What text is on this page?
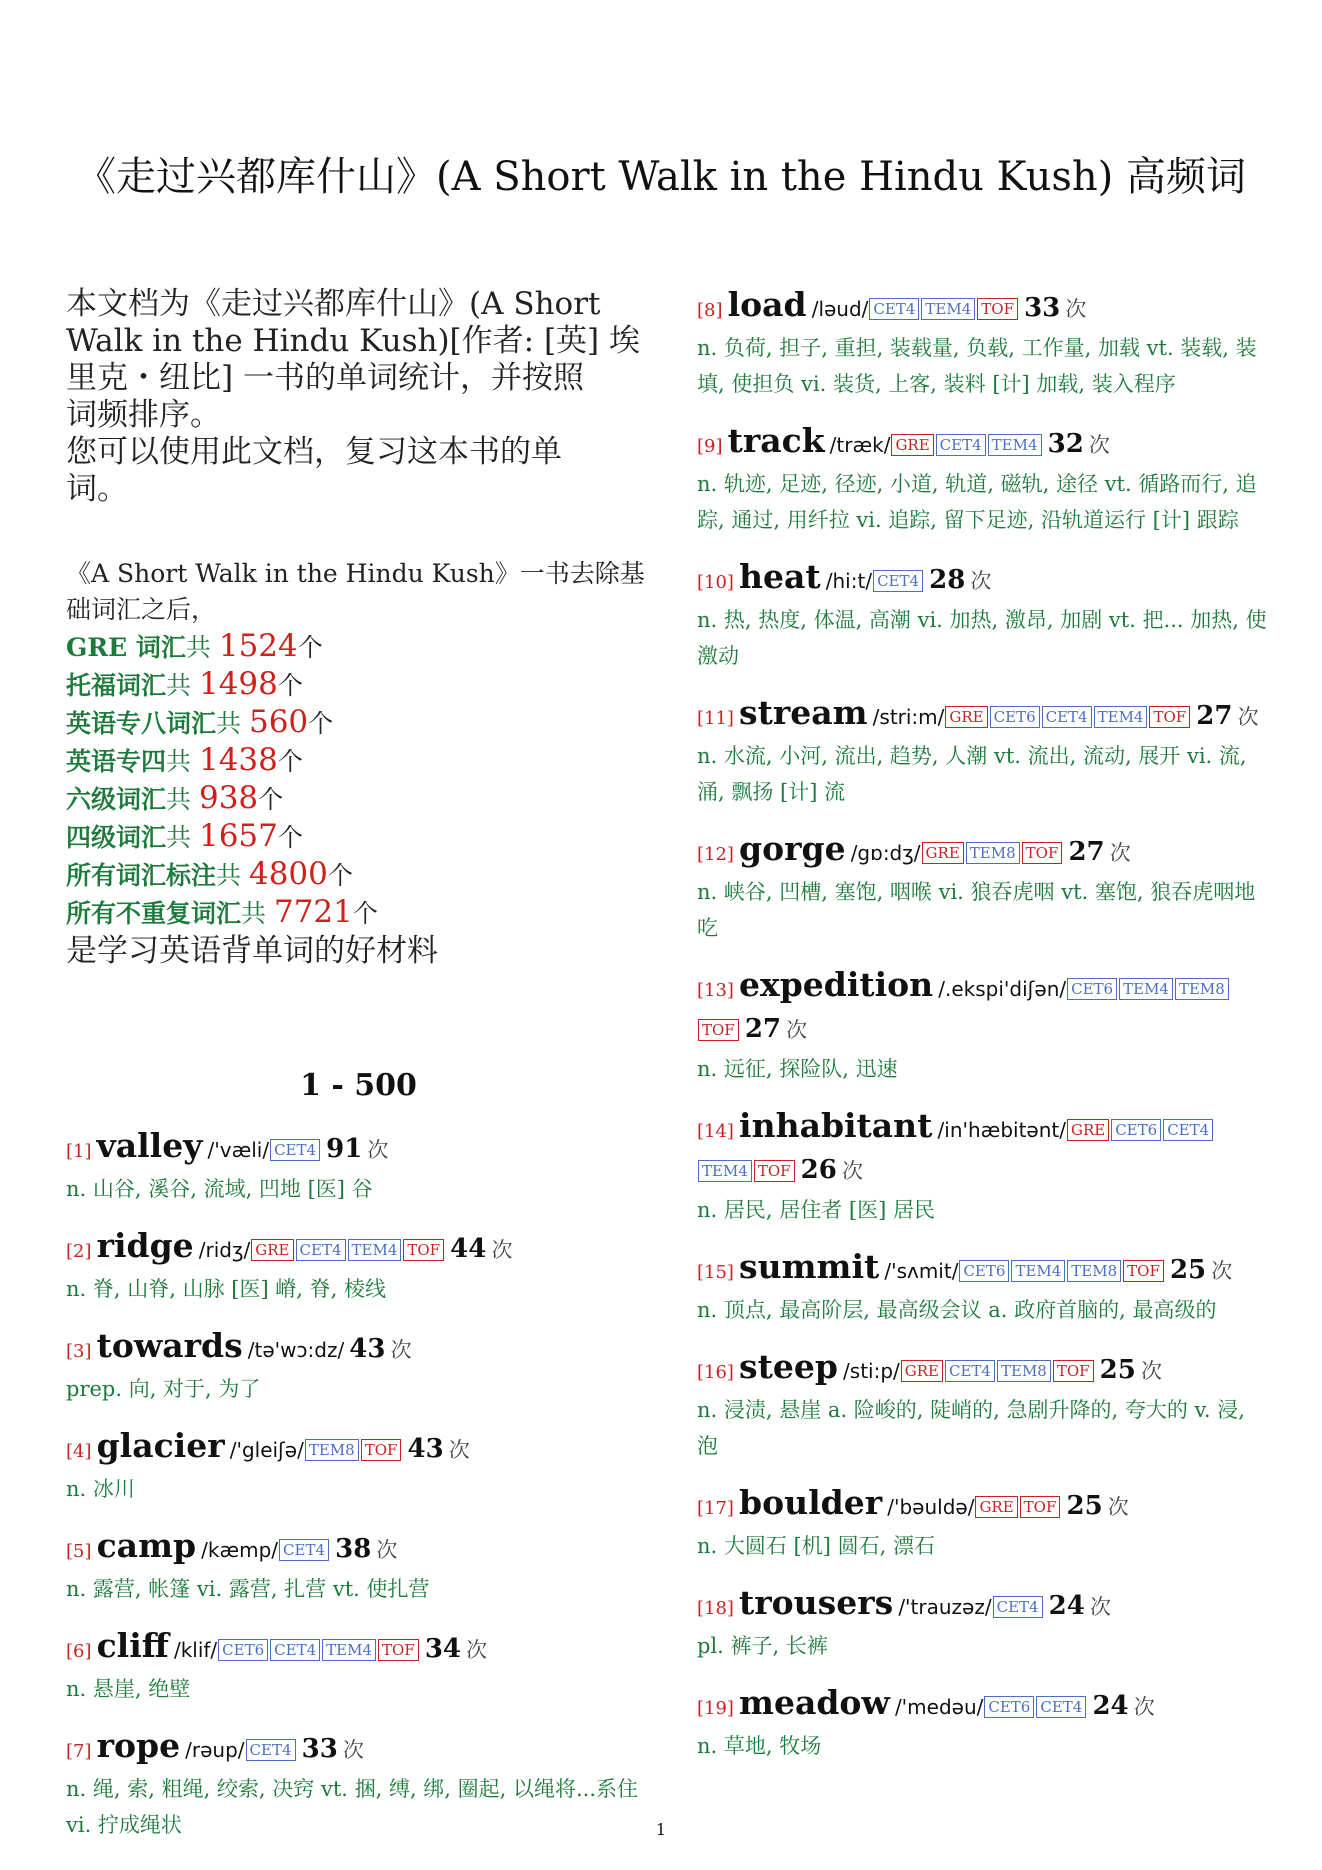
《走过兴都库什山》(A Short Walk in the Hindu Kush) 高频词
本文档为《走过兴都库什山》(A Short
Walk in the Hindu Kush)[作者: [英] 埃
里克・纽比] 一书的单词统计，并按照
词频排序。
您可以使用此文档，复习这本书的单
词。
《A Short Walk in the Hindu Kush》一书去除基础词汇之后，
GRE 词汇共 1524个
托福词汇共 1498个
英语专八词汇共 560个
英语专四共 1438个
六级词汇共 938个
四级词汇共 1657个
所有词汇标注共 4800个
所有不重复词汇共 7721个
是学习英语背单词的好材料
1 - 500
[1] valley /'væli/ CET4 91 次
n. 山谷, 溪谷, 流域, 凹地 [医] 谷
[2] ridge /ridʒ/ GRE CET4 TEM4 TOF 44 次
n. 脊, 山脊, 山脉 [医] 嵴, 脊, 棱线
[3] towards /tə'wɔ:dz/ 43 次
prep. 向, 对于, 为了
[4] glacier /'gleiʃə/ TEM8 TOF 43 次
n. 冰川
[5] camp /kæmp/ CET4 38 次
n. 露营, 帐篷 vi. 露营, 扎营 vt. 使扎营
[6] cliff /klif/ CET6 CET4 TEM4 TOF 34 次
n. 悬崖, 绝壁
[7] rope /rəup/ CET4 33 次
n. 绳, 索, 粗绳, 绞索, 决窍 vt. 捆, 缚, 绑, 圈起, 以绳将...系住 vi. 拧成绳状
[8] load /ləud/ CET4 TEM4 TOF 33 次
n. 负荷, 担子, 重担, 装载量, 负载, 工作量, 加载 vt. 装载, 装填, 使担负 vi. 装货, 上客, 装料 [计] 加载, 装入程序
[9] track /træk/ GRE CET4 TEM4 32 次
n. 轨迹, 足迹, 径迹, 小道, 轨道, 磁轨, 途径 vt. 循路而行, 追踪, 通过, 用纤拉 vi. 追踪, 留下足迹, 沿轨道运行 [计] 跟踪
[10] heat /hi:t/ CET4 28 次
n. 热, 热度, 体温, 高潮 vi. 加热, 激昂, 加剧 vt. 把... 加热, 使激动
[11] stream /stri:m/ GRE CET6 CET4 TEM4 TOF 27 次
n. 水流, 小河, 流出, 趋势, 人潮 vt. 流出, 流动, 展开 vi. 流, 涌, 飘扬 [计] 流
[12] gorge /gɒ:dʒ/ GRE TEM8 TOF 27 次
n. 峡谷, 凹槽, 塞饱, 咽喉 vi. 狼吞虎咽 vt. 塞饱, 狼吞虎咽地吃
[13] expedition /.ekspi'diʃən/ CET6 TEM4 TEM8TOF 27 次
n. 远征, 探险队, 迅速
[14] inhabitant /in'hæbitənt/ GRE CET6 CET4TEM4 TOF 26 次
n. 居民, 居住者 [医] 居民
[15] summit /'sʌmit/ CET6 TEM4 TEM8 TOF 25 次
n. 顶点, 最高阶层, 最高级会议 a. 政府首脑的, 最高级的
[16] steep /sti:p/ GRE CET4 TEM8 TOF 25 次
n. 浸渍, 悬崖 a. 险峻的, 陡峭的, 急剧升降的, 夸大的 v. 浸, 泡
[17] boulder /'bəuldə/ GRE TOF 25 次
n. 大圆石 [机] 圆石, 漂石
[18] trousers /'trauzəz/ CET4 24 次
pl. 裤子, 长裤
[19] meadow /'medəu/ CET6 CET4 24 次
n. 草地, 牧场
1
